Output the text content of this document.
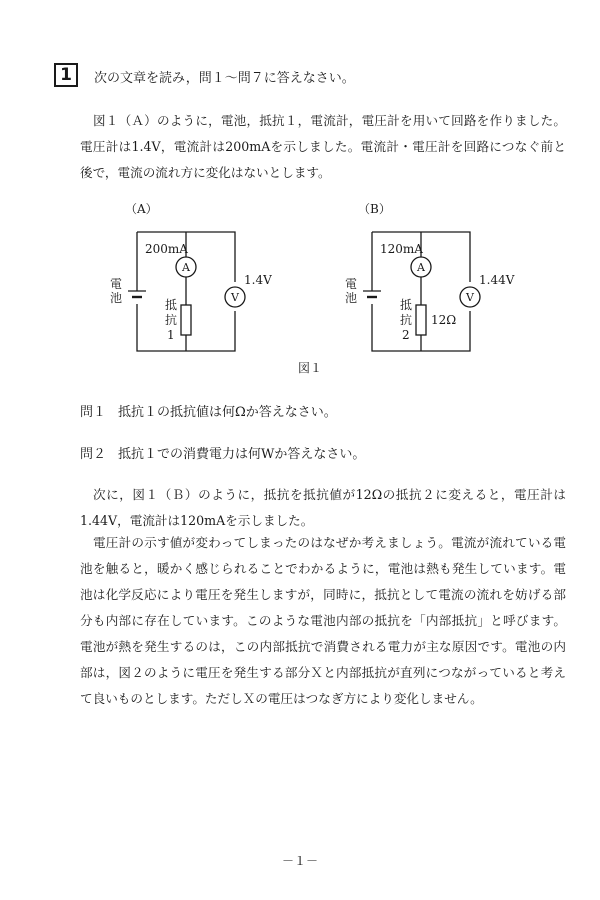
1	次の文章を読み，問１～問７に答えなさい。

図１（Ａ）のように，電池，抵抗１，電流計，電圧計を用いて回路を作りました。電圧計は1.4V，電流計は200mAを示しました。電流計・電圧計を回路につなぐ前と後で，電流の流れ方に変化はないとします。

（A）
電
池
A
200mA
抵
抗
1
V
1.4V
（B）
電
池
A
120mA
抵
抗
2
12Ω
V
1.44V
図１
問１ 抵抗１の抵抗値は何Ωか答えなさい。
問２ 抵抗１での消費電力は何Wか答えなさい。

次に，図１（Ｂ）のように，抵抗を抵抗値が12Ωの抵抗２に変えると，電圧計は1.44V，電流計は120mAを示しました。

電圧計の示す値が変わってしまったのはなぜか考えましょう。電流が流れている電池を触ると，暖かく感じられることでわかるように，電池は熱も発生しています。電池は化学反応により電圧を発生しますが，同時に，抵抗として電流の流れを妨げる部分も内部に存在しています。このような電池内部の抵抗を「内部抵抗」と呼びます。電池が熱を発生するのは，この内部抵抗で消費される電力が主な原因です。電池の内部は，図２のように電圧を発生する部分Ｘと内部抵抗が直列につながっていると考えて良いものとします。ただしＸの電圧はつなぎ方により変化しません。

－１－
